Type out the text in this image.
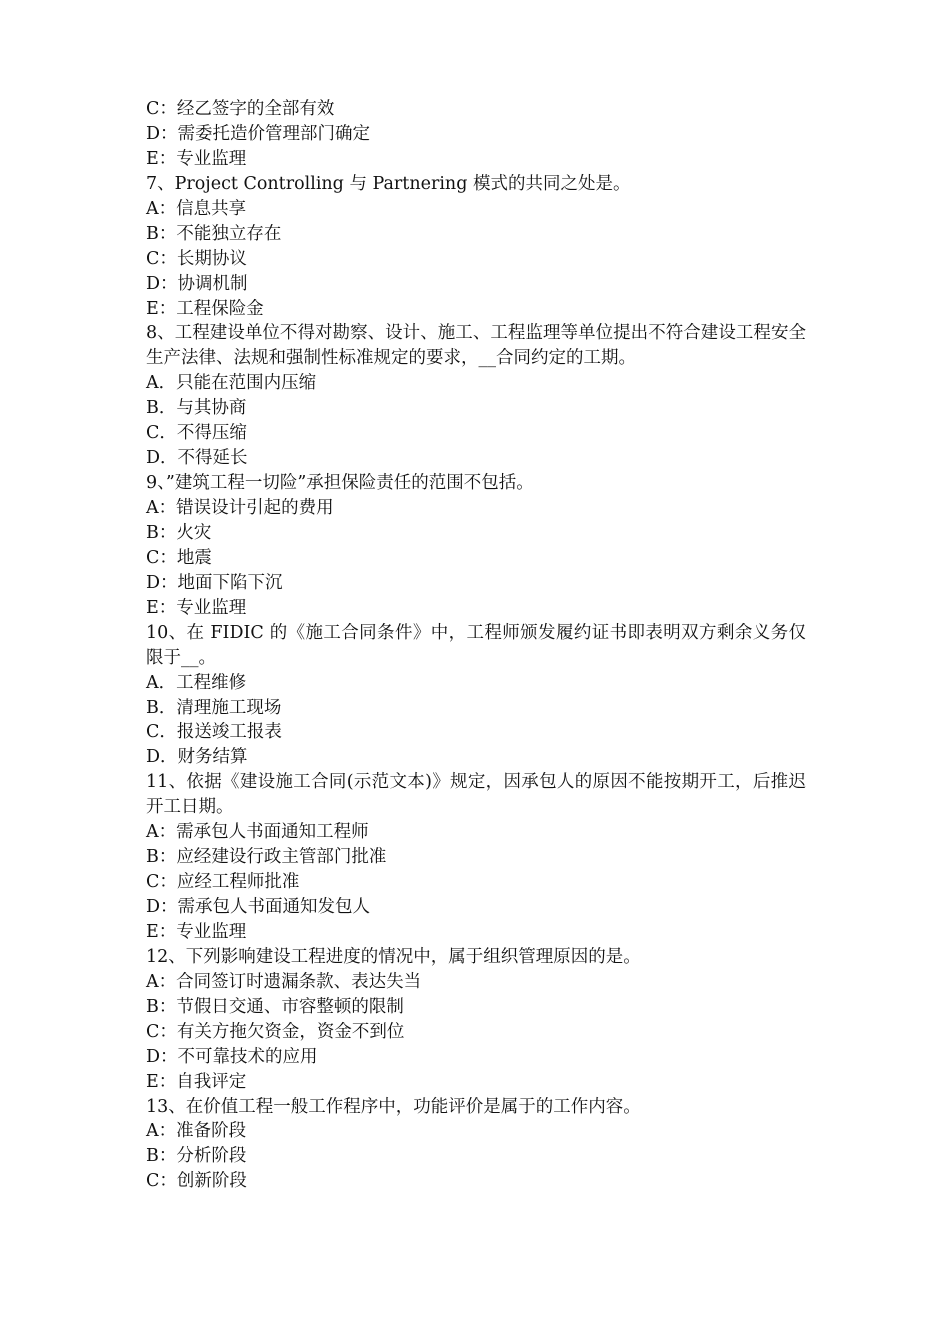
C：经乙签字的全部有效
D：需委托造价管理部门确定
E：专业监理
7、Project Controlling 与 Partnering 模式的共同之处是。
A：信息共享
B：不能独立存在
C：长期协议
D：协调机制
E：工程保险金
8、工程建设单位不得对勘察、设计、施工、工程监理等单位提出不符合建设工程安全生产法律、法规和强制性标准规定的要求，__合同约定的工期。
A．只能在范围内压缩
B．与其协商
C．不得压缩
D．不得延长
9、”建筑工程一切险”承担保险责任的范围不包括。
A：错误设计引起的费用
B：火灾
C：地震
D：地面下陷下沉
E：专业监理
10、在 FIDIC 的《施工合同条件》中，工程师颁发履约证书即表明双方剩余义务仅限于__。
A．工程维修
B．清理施工现场
C．报送竣工报表
D．财务结算
11、依据《建设施工合同(示范文本)》规定，因承包人的原因不能按期开工，后推迟开工日期。
A：需承包人书面通知工程师
B：应经建设行政主管部门批准
C：应经工程师批准
D：需承包人书面通知发包人
E：专业监理
12、下列影响建设工程进度的情况中，属于组织管理原因的是。
A：合同签订时遗漏条款、表达失当
B：节假日交通、市容整顿的限制
C：有关方拖欠资金，资金不到位
D：不可靠技术的应用
E：自我评定
13、在价值工程一般工作程序中，功能评价是属于的工作内容。
A：准备阶段
B：分析阶段
C：创新阶段
